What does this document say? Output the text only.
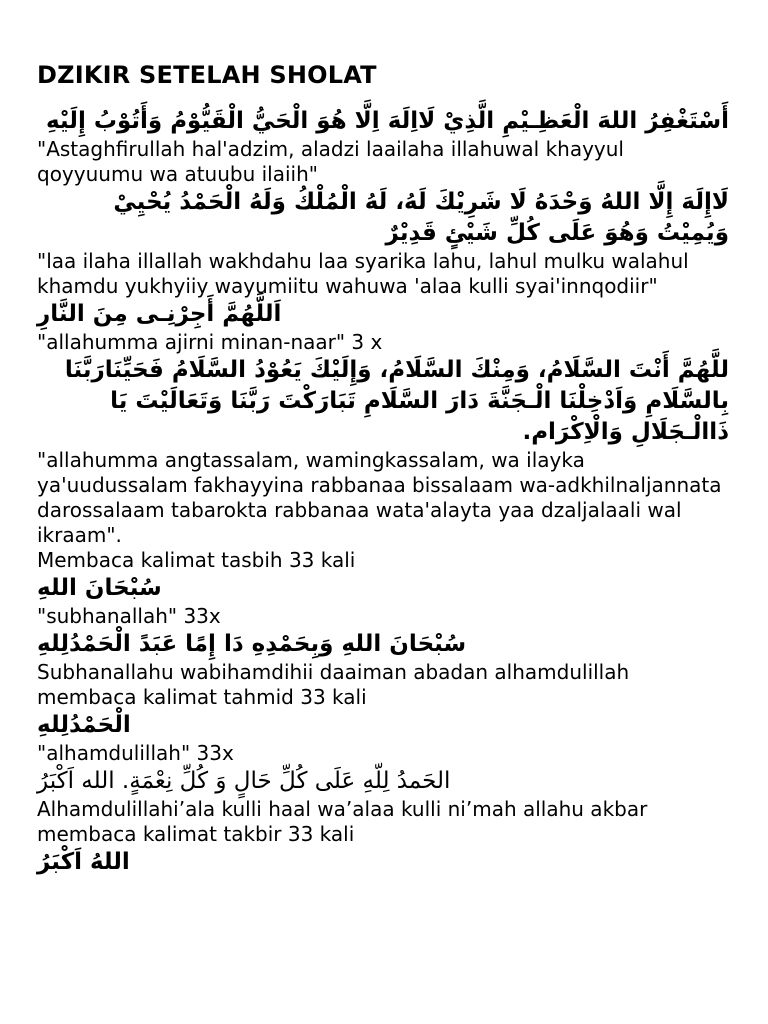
DZIKIR SETELAH SHOLAT

أَسْتَغْفِرُ اللهَ الْعَظِـيْمِ الَّذِيْ لَااِلَهَ اِلَّا هُوَ الْحَيُّ الْقَيُّوْمُ وَأَتُوْبُ إِلَيْهِ

"Astaghfirullah hal'adzim, aladzi laailaha illahuwal khayyul qoyyuumu wa atuubu ilaiih"

لَاإِلَهَ إِلَّا اللهُ وَحْدَهُ لَا شَرِيْكَ لَهُ، لَهُ الْمُلْكُ وَلَهُ الْحَمْدُ يُحْيِيْ وَيُمِيْتُ وَهُوَ عَلَى كُلِّ شَيْئٍ قَدِيْرٌ

"laa ilaha illallah wakhdahu laa syarika lahu, lahul mulku walahul khamdu yukhyiiy wayumiitu wahuwa 'alaa kulli syai'innqodiir"

اَللَّهُمَّ أَجِرْنِـى مِنَ النَّارِ

"allahumma ajirni minan-naar" 3 x

للَّهُمَّ أَنْتَ السَّلَامُ، وَمِنْكَ السَّلَامُ، وَإِلَيْكَ يَعُوْدُ السَّلَامُ فَحَيِّنَارَبَّنَا بِالسَّلَامِ وَاَدْخِلْنَا الْـجَنَّةَ دَارَ السَّلَامِ تَبَارَكْتَ رَبَّنَا وَتَعَالَيْتَ يَا ذَاالْـجَلَالِ وَالْاِكْرَام.

"allahumma angtassalam, wamingkassalam, wa ilayka ya'uudussalam fakhayyina rabbanaa bissalaam wa-adkhilnaljannata darossalaam tabarokta rabbanaa wata'alayta yaa dzaljalaali wal ikraam".
Membaca kalimat tasbih 33 kali

سُبْحَانَ اللهِ

"subhanallah" 33x

سُبْحَانَ اللهِ وَبِحَمْدِهِ دَا إِمًا عَبَدً الْحَمْدُلِلهِ

Subhanallahu wabihamdihii daaiman abadan alhamdulillah
membaca kalimat tahmid 33 kali

الْحَمْدُلِلهِ

"alhamdulillah" 33x

الحَمدُ لِلّهِ عَلَى كُلِّ حَالٍ وَ كُلِّ نِعْمَةٍ. الله اَكْبَرُ

Alhamdulillahi’ala kulli haal wa’alaa kulli ni’mah allahu akbar
membaca kalimat takbir 33 kali

اللهُ اَكْبَرُ
